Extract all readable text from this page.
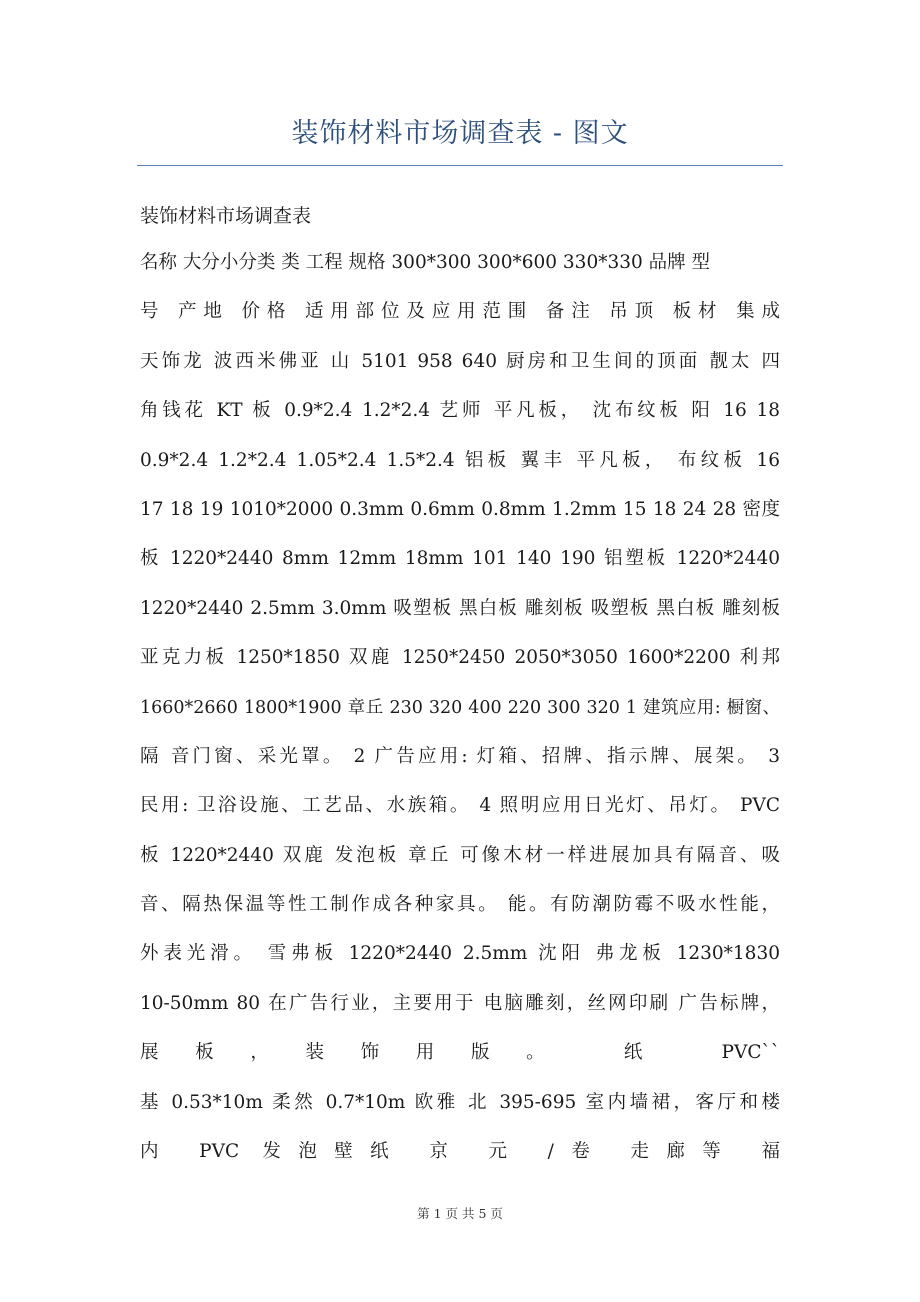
装饰材料市场调查表 - 图文

装饰材料市场调查表

名称 大分小分类 类 工程 规格 300*300 300*600 330*330 品牌 型
号 产地 价格 适用部位及应用范围 备注 吊顶 板材 集成
天饰龙 波西米佛亚 山 5101 958 640 厨房和卫生间的顶面 靓太 四
角钱花 KT 板 0.9*2.4 1.2*2.4 艺师 平凡板， 沈布纹板 阳 16 18
0.9*2.4 1.2*2.4 1.05*2.4 1.5*2.4 铝板 翼丰 平凡板， 布纹板 16
17 18 19 1010*2000 0.3mm 0.6mm 0.8mm 1.2mm 15 18 24 28 密度
板 1220*2440 8mm 12mm 18mm 101 140 190 铝塑板 1220*2440
1220*2440 2.5mm 3.0mm 吸塑板 黑白板 雕刻板 吸塑板 黑白板 雕刻板
亚克力板 1250*1850 双鹿 1250*2450 2050*3050 1600*2200 利邦
1660*2660 1800*1900 章丘 230 320 400 220 300 320 1 建筑应用: 橱窗、
隔 音门窗、采光罩。 2 广告应用: 灯箱、招牌、指示牌、展架。 3
民用: 卫浴设施、工艺品、水族箱。 4 照明应用日光灯、吊灯。 PVC
板 1220*2440 双鹿 发泡板 章丘 可像木材一样进展加具有隔音、吸
音、隔热保温等性工制作成各种家具。 能。有防潮防霉不吸水性能，
外表光滑。 雪弗板 1220*2440 2.5mm 沈阳 弗龙板 1230*1830
10-50mm 80 在广告行业，主要用于 电脑雕刻，丝网印刷 广告标牌，
展板，装饰用版。 纸 PVC``
基 0.53*10m 柔然 0.7*10m 欧雅 北 395-695 室内墙裙，客厅和楼
内 PVC 发泡壁纸 京 元 /卷 走廊等 福
第 1 页 共 5 页
